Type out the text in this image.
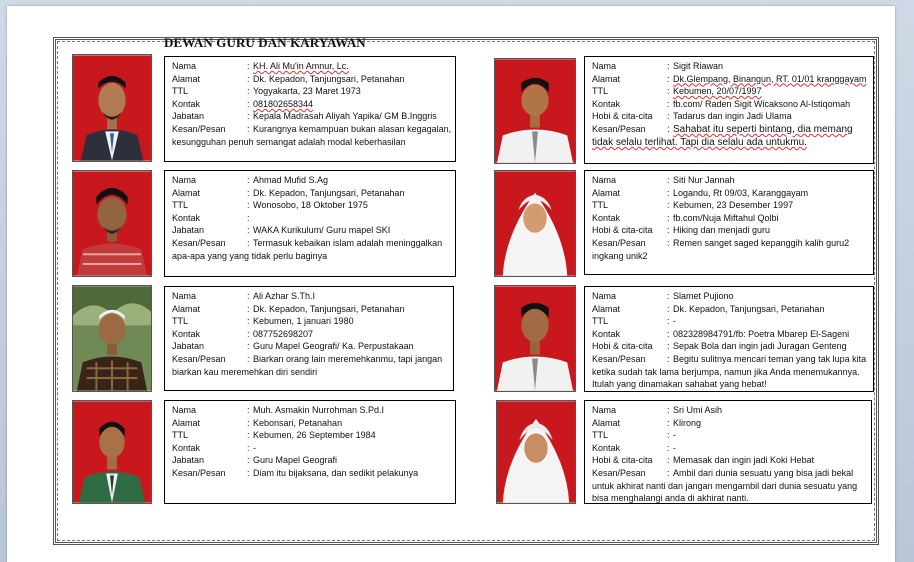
DEWAN GURU DAN KARYAWAN
Nama	: KH. Ali Mu'in Amnur, Lc.
Alamat	: Dk. Kepadon, Tanjungsari, Petanahan
TTL	: Yogyakarta, 23 Maret 1973
Kontak	: 081802658344
Jabatan	: Kepala Madrasah Aliyah Yapika/ GM B.Inggris
Kesan/Pesan : Kurangnya kemampuan bukan alasan kegagalan, kesungguhan penuh semangat adalah modal keberhasilan
Nama	: Ahmad Mufid S.Ag
Alamat	: Dk. Kepadon, Tanjungsari, Petanahan
TTL	: Wonosobo, 18 Oktober 1975
Kontak	:
Jabatan	: WAKA Kurikulum/ Guru mapel SKI
Kesan/Pesan : Termasuk kebaikan islam adalah meninggalkan apa-apa yang yang tidak perlu baginya
Nama	: Ali Azhar S.Th.I
Alamat	: Dk. Kepadon, Tanjungsari, Petanahan
TTL	: Kebumen, 1 januari 1980
Kontak	: 087752698207
Jabatan	: Guru Mapel Geografi/ Ka. Perpustakaan
Kesan/Pesan : Biarkan orang lain meremehkanmu, tapi jangan biarkan kau meremehkan diri sendiri
Nama	: Muh. Asmakin Nurrohman S.Pd.I
Alamat	: Kebonsari, Petanahan
TTL	: Kebumen, 26 September 1984
Kontak	: -
Jabatan	: Guru Mapel Geografi
Kesan/Pesan	: Diam itu bijaksana, dan sedikit pelakunya
Nama	: Sigit Riawan
Alamat	: Dk.Glempang, Binangun, RT. 01/01 kranggayam
TTL	: Kebumen, 20/07/1997
Kontak	: fb.com/ Raden Sigit Wicaksono Al-Istiqomah
Hobi & cita-cita	: Tadarus dan ingin Jadi Ulama
Kesan/Pesan : Sahabat itu seperti bintang, dia memang tidak selalu terlihat. Tapi dia selalu ada untukmu.
Nama	: Siti Nur Jannah
Alamat	: Logandu, Rt 09/03, Karanggayam
TTL	: Kebumen, 23 Desember 1997
Kontak	: fb.com/Nuja Miftahul Qolbi
Hobi & cita-cita	: Hiking dan menjadi guru
Kesan/Pesan : Remen sanget saged kepanggih kalih guru2 ingkang unik2
Nama	: Slamet Pujiono
Alamat	: Dk. Kepadon, Tanjungsari, Petanahan
TTL	: -
Kontak	: 082328984791/fb: Poetra Mbarep El-Sageni
Hobi & cita-cita	: Sepak Bola dan ingin jadi Juragan Genteng
Kesan/Pesan : Begitu sulitnya mencari teman yang tak lupa kita ketika sudah tak lama berjumpa, namun jika Anda menemukannya. Itulah yang dinamakan sahabat yang hebat!
Nama	: Sri Umi Asih
Alamat	: Klirong
TTL	: -
Kontak	: -
Hobi & cita-cita	: Memasak dan ingin jadi Koki Hebat
Kesan/Pesan : Ambil dari dunia sesuatu yang bisa jadi bekal untuk akhirat nanti dan jangan mengambil dari dunia sesuatu yang bisa menghalangi anda di akhirat nanti.
